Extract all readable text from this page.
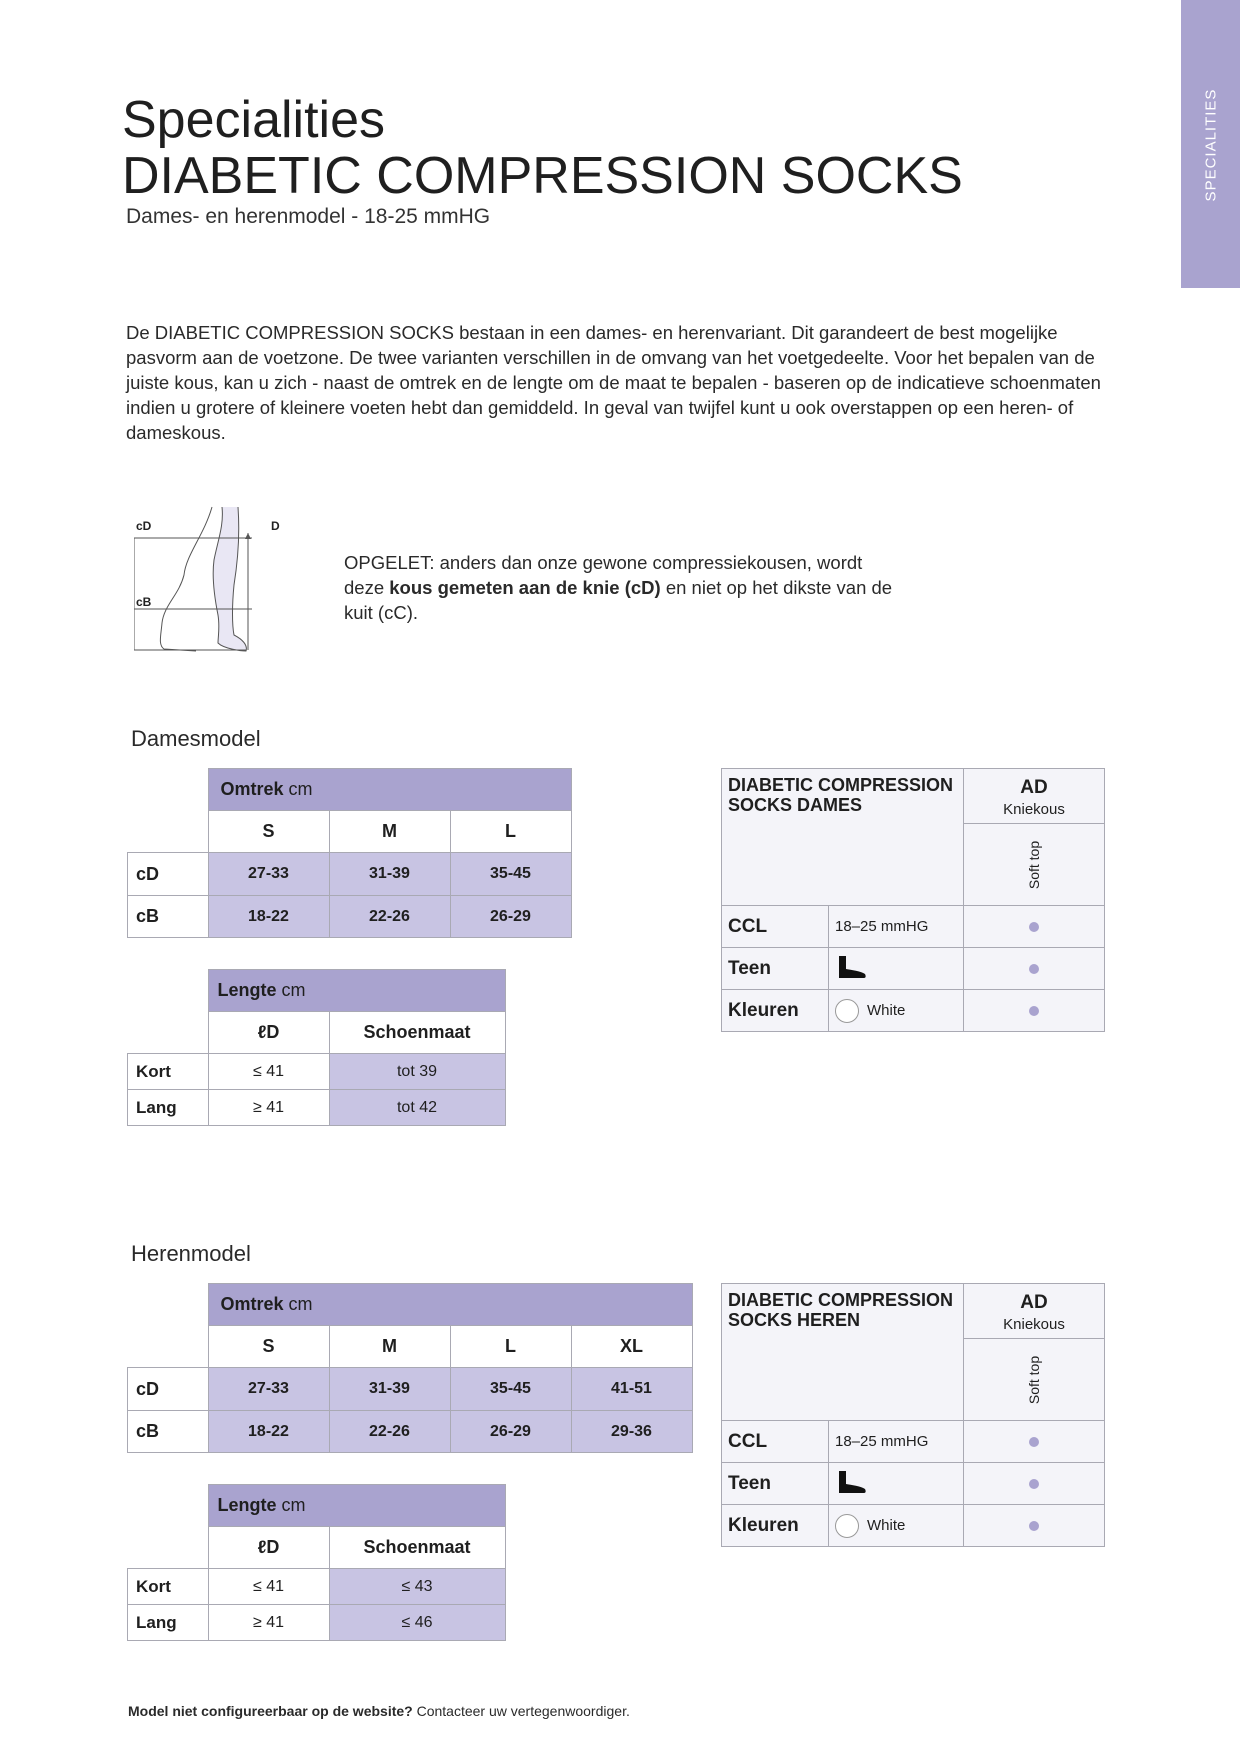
SPECIALITIES
Specialities
DIABETIC COMPRESSION SOCKS
Dames- en herenmodel - 18-25 mmHG

De DIABETIC COMPRESSION SOCKS bestaan in een dames- en herenvariant. Dit garandeert de best mogelijke pasvorm aan de voetzone. De twee varianten verschillen in de omvang van het voetgedeelte. Voor het bepalen van de juiste kous, kan u zich - naast de omtrek en de lengte om de maat te bepalen - baseren op de indicatieve schoenmaten indien u grotere of kleinere voeten hebt dan gemiddeld. In geval van twijfel kunt u ook overstappen op een heren- of dameskous.

cD	D
cB

OPGELET: anders dan onze gewone compressiekousen, wordt deze kous gemeten aan de knie (cD) en niet op het dikste van de kuit (cC).

Damesmodel
	Omtrek cm		
	S	M	L
cD	27-33	31-39	35-45
cB	18-22	22-26	26-29
	Lengte cm	
	ℓD	Schoenmaat
Kort	≤ 41	tot 39
Lang	≥ 41	tot 42
DIABETIC COMPRESSION SOCKS DAMES		AD
Kniekous
		Soft top
CCL	18–25 mmHG	
Teen		
Kleuren	White	
Herenmodel
	Omtrek cm			
	S	M	L	XL
cD	27-33	31-39	35-45	41-51
cB	18-22	22-26	26-29	29-36
	Lengte cm	
	ℓD	Schoenmaat
Kort	≤ 41	≤ 43
Lang	≥ 41	≤ 46
DIABETIC COMPRESSION SOCKS HEREN		AD
Kniekous
		Soft top
CCL	18–25 mmHG	
Teen		
Kleuren	White	
Model niet configureerbaar op de website? Contacteer uw vertegenwoordiger.
